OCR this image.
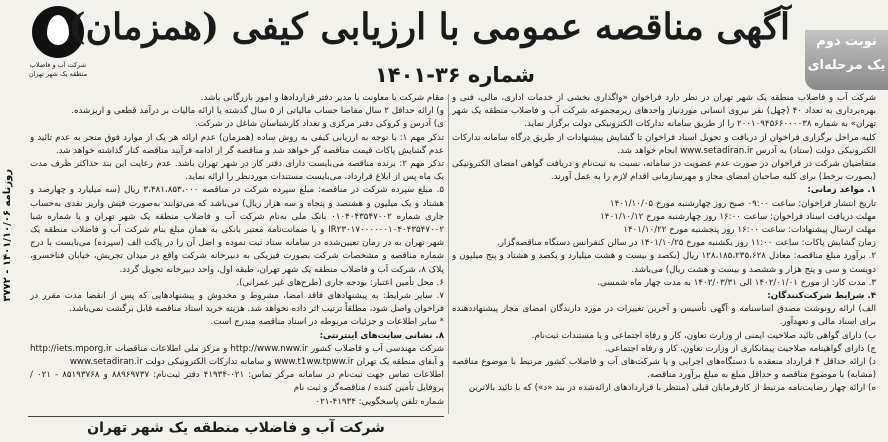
شرکت آب و فاضلاب
منطقه یک شهر تهران
آگهی مناقصه عمومی با ارزیابی کیفی (همزمان)
شماره ۳۶-۱۴۰۱
نوبت دوم
یک مرحله‌ای
روزنامه ۱۴۰۱/۱۰/۰۶ - ۳۷۷۲

شرکت آب و فاضلاب منطقه یک شهر تهران در نظر دارد فراخوان «واگذاری بخشی از خدمات اداری، مالی، فنی و بهره‌برداری به تعداد ۴۰ (چهل) نفر نیروی انسانی موردنیاز واحدهای زیرمجموعه شرکت آب و فاضلاب منطقه یک شهر تهران» به شماره ۲۰۰۱۰۹۴۵۶۶۰۰۰۰۳۸ را از طریق سامانه تدارکات الکترونیکی دولت برگزار نماید.

کلیه مراحل برگزاری فراخوان از دریافت و تحویل اسناد فراخوان تا گشایش پیشنهادات از طریق درگاه سامانه تدارکات الکترونیکی دولت (ستاد) به آدرس www.setadiran.ir انجام خواهد شد.

متقاضیان شرکت در فراخوان در صورت عدم عضویت در سامانه، نسبت به ثبت‌نام و دریافت گواهی امضای الکترونیکی (بصورت برخط) برای کلیه صاحبان امضای مجاز و مهرسازمانی اقدام لازم را به عمل آورند.

۱. مواعد زمانی:

تاریخ انتشار فراخوان: ساعت ۰۹:۰۰ صبح روز چهارشنبه مورخ ۱۴۰۱/۱۰/۰۵

مهلت دریافت اسناد فراخوان: ساعت ۱۶:۰۰ روز چهارشنبه مورخ ۱۴۰۱/۱۰/۱۲

مهلت ارسال پیشنهادات: ساعت ۱۶:۰۰ روز پنجشنبه مورخ ۱۴۰۱/۱۰/۲۲

زمان گشایش پاکات: ساعت ۱۱:۰۰ روز یکشنبه مورخ ۱۴۰۱/۱۰/۲۵ در سالن کنفرانس دستگاه مناقصه‌گزار.

۲. برآورد مبلغ مناقصه: معادل ۱۲۸،۱۸۵،۲۳۵،۶۲۸ ریال (یکصد و بیست و هشت میلیارد و یکصد و هشتاد و پنج میلیون و دویست و سی و پنج هزار و ششصد و بیست و هشت ریال) می‌باشد.

۳. مدت کار: از مورخ ۱۴۰۲/۰۱/۰۱ الی ۱۴۰۲/۰۳/۳۱ به مدت چهار ماه شمسی.

۴. شرایط شرکت‌کنندگان:

الف) ارائه رونوشت مصدق اساسنامه و آگهی تأسیس و آخرین تغییرات در مورد دارندگان امضای مجاز پیشنهاددهنده برای اسناد مالی و تعهدآور.

ب) دارای گواهی تائید صلاحیت ایمنی از وزارت تعاون، کار و رفاه اجتماعی و یا مستندات ثبت‌نام.

ج) دارای گواهینامه صلاحیت پیمانکاری از وزارت تعاون، کار و رفاه اجتماعی.

د) ارائه حداقل ۴ قرارداد منعقده با دستگاه‌های اجرایی و یا شرکت‌های آب و فاضلاب کشور مرتبط با موضوع مناقصه (مشابه) با موضوع مناقصه و حداقل مبلغ به مبلغ برآورد مناقصه.

ه) ارائه چهار رضایت‌نامه مرتبط از کارفرمایان قبلی (منتظر با قراردادهای ارائه‌شده در بند «د») که با تائید بالاترین

مقام شرکت یا معاونت یا مدیر دفتر قراردادها و امور بازرگانی باشد.

و) ارائه حداقل ۲ سال مفاصا حساب مالیاتی از ۵ سال گذشته یا ارائه مالیات بر درآمد قطعی و اربزشده.

ی) آدرس و کروکی دفتر مرکزی و تعداد کارشناسان شاغل در شرکت.

تذکر مهم ۱: با توجه به ارزیابی کیفی به روش ساده (همزمان) عدم ارائه هر یک از موارد فوق منجر به عدم تائید و عدم گشایش پاکات قیمت مناقصه گر خواهد شد و مناقصه گر از ادامه فرآیند مناقصه کنار گذاشته خواهد شد.

تذکر مهم ۲: برنده مناقصه می‌بایست دارای دفتر کار در شهر تهران باشد. عدم رعایت این بند حداکثر ظرف مدت یک ماه پس از ابلاغ قرارداد، می‌بایست مستندات موردنظر را ارائه نماید.

۵. مبلغ سپرده شرکت در مناقصه: مبلغ سپرده شرکت در مناقصه ۳،۴۸۱،۸۵۳،۰۰۰ ریال (سه میلیارد و چهارصد و هشتاد و یک میلیون و هشتصد و پنجاه و سه هزار ریال) می‌باشد که می‌توانند به‌صورت فیش واریز نقدی به‌حساب جاری شماره ۰۱۰۴۰۴۳۵۴۷۰۰۲ بانک ملی به‌نام شرکت آب و فاضلاب منطقه یک شهر تهران و یا شماره شبا IR۲۳۰۱۷۰۰۰۰۰۰۱۰۴۰۴۳۵۴۷۰۰۲ و یا ضمانت‌نامه معتبر بانکی به همان مبلغ بنام شرکت آب و فاضلاب منطقه یک شهر تهران به در زمان تعیین‌شده در سامانه ستاد ثبت نموده و اصل آن را در پاکت الف (سپرده) می‌بایست با درج شماره مناقصه و مشخصات شرکت بصورت فیزیکی به دبیرخانه شرکت واقع در میدان تجریش، خیابان فناخسرو، پلاک ۸، شرکت آب و فاضلاب منطقه یک شهر تهران، طبقه اول، واحد دبیرخانه تحویل گردد.

۶. محل تأمین اعتبار: بودجه جاری (طرح‌های غیر عمرانی).

۷. سایر شرایط: به پیشنهادهای فاقد امضا، مشروط و مخدوش و پیشنهادهایی که پس از انقضا مدت مقرر در فراخوان واصل شود، مطلقاً ترتیب اثر داده نخواهد شد. هزینه خرید اسناد مناقصه قابل برگشت نمی‌باشد.

* سایر اطلاعات و جزئیات مربوطه در اسناد مناقصه مندرج است.

۸. نشانی سایت‌های اینترنتی:

شرکت مهندسی آب و فاضلاب کشور http://www.nww.ir و مرکز ملی اطلاعات مناقصات http://iets.mporg.ir و آبفای منطقه یک تهران www.t1ww.tpww.ir و سامانه تدارکات الکترونیکی دولت www.setadiran.ir

اطلاعات تماس جهت ثبت‌نام در سامانه مرکز تماس: ۰۲۱-۴۱۹۳۴ دفتر ثبت‌نام: ۸۸۹۶۹۷۳۷ و ۸۵۱۹۳۷۶۸ - ۰۲۱ / پروفایل تأمین کننده / مناقصه‌گر و ثبت نام

شماره تلفن پاسخگویی: ۴۱۹۳۴-۰۲۱

شرکت آب و فاضلاب منطقه یک شهر تهران
